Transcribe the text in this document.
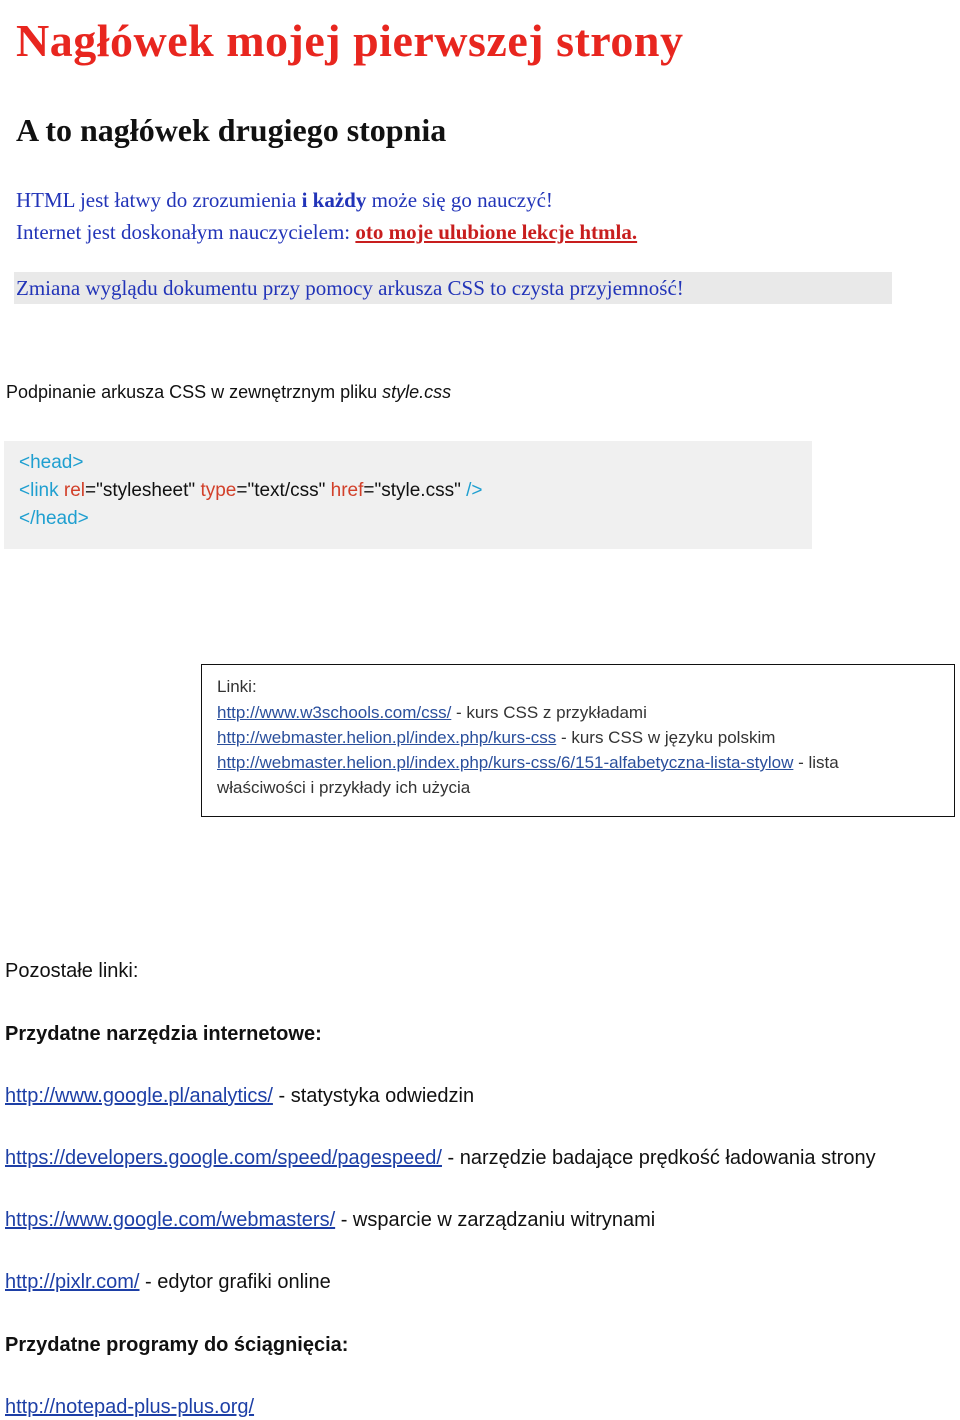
Nagłówek mojej pierwszej strony
A to nagłówek drugiego stopnia
HTML jest łatwy do zrozumienia i każdy może się go nauczyć!
Internet jest doskonałym nauczycielem: oto moje ulubione lekcje htmla.
Zmiana wyglądu dokumentu przy pomocy arkusza CSS to czysta przyjemność!
Podpinanie arkusza CSS w zewnętrznym pliku style.css
<head>
<link rel="stylesheet" type="text/css" href="style.css" />
</head>
Linki:
http://www.w3schools.com/css/ - kurs CSS z przykładami
http://webmaster.helion.pl/index.php/kurs-css - kurs CSS w języku polskim
http://webmaster.helion.pl/index.php/kurs-css/6/151-alfabetyczna-lista-stylow - lista
właściwości i przykłady ich użycia
Pozostałe linki:
Przydatne narzędzia internetowe:
http://www.google.pl/analytics/ - statystyka odwiedzin
https://developers.google.com/speed/pagespeed/ - narzędzie badające prędkość ładowania strony
https://www.google.com/webmasters/ - wsparcie w zarządzaniu witrynami
http://pixlr.com/ - edytor grafiki online
Przydatne programy do ściągnięcia:
http://notepad-plus-plus.org/
